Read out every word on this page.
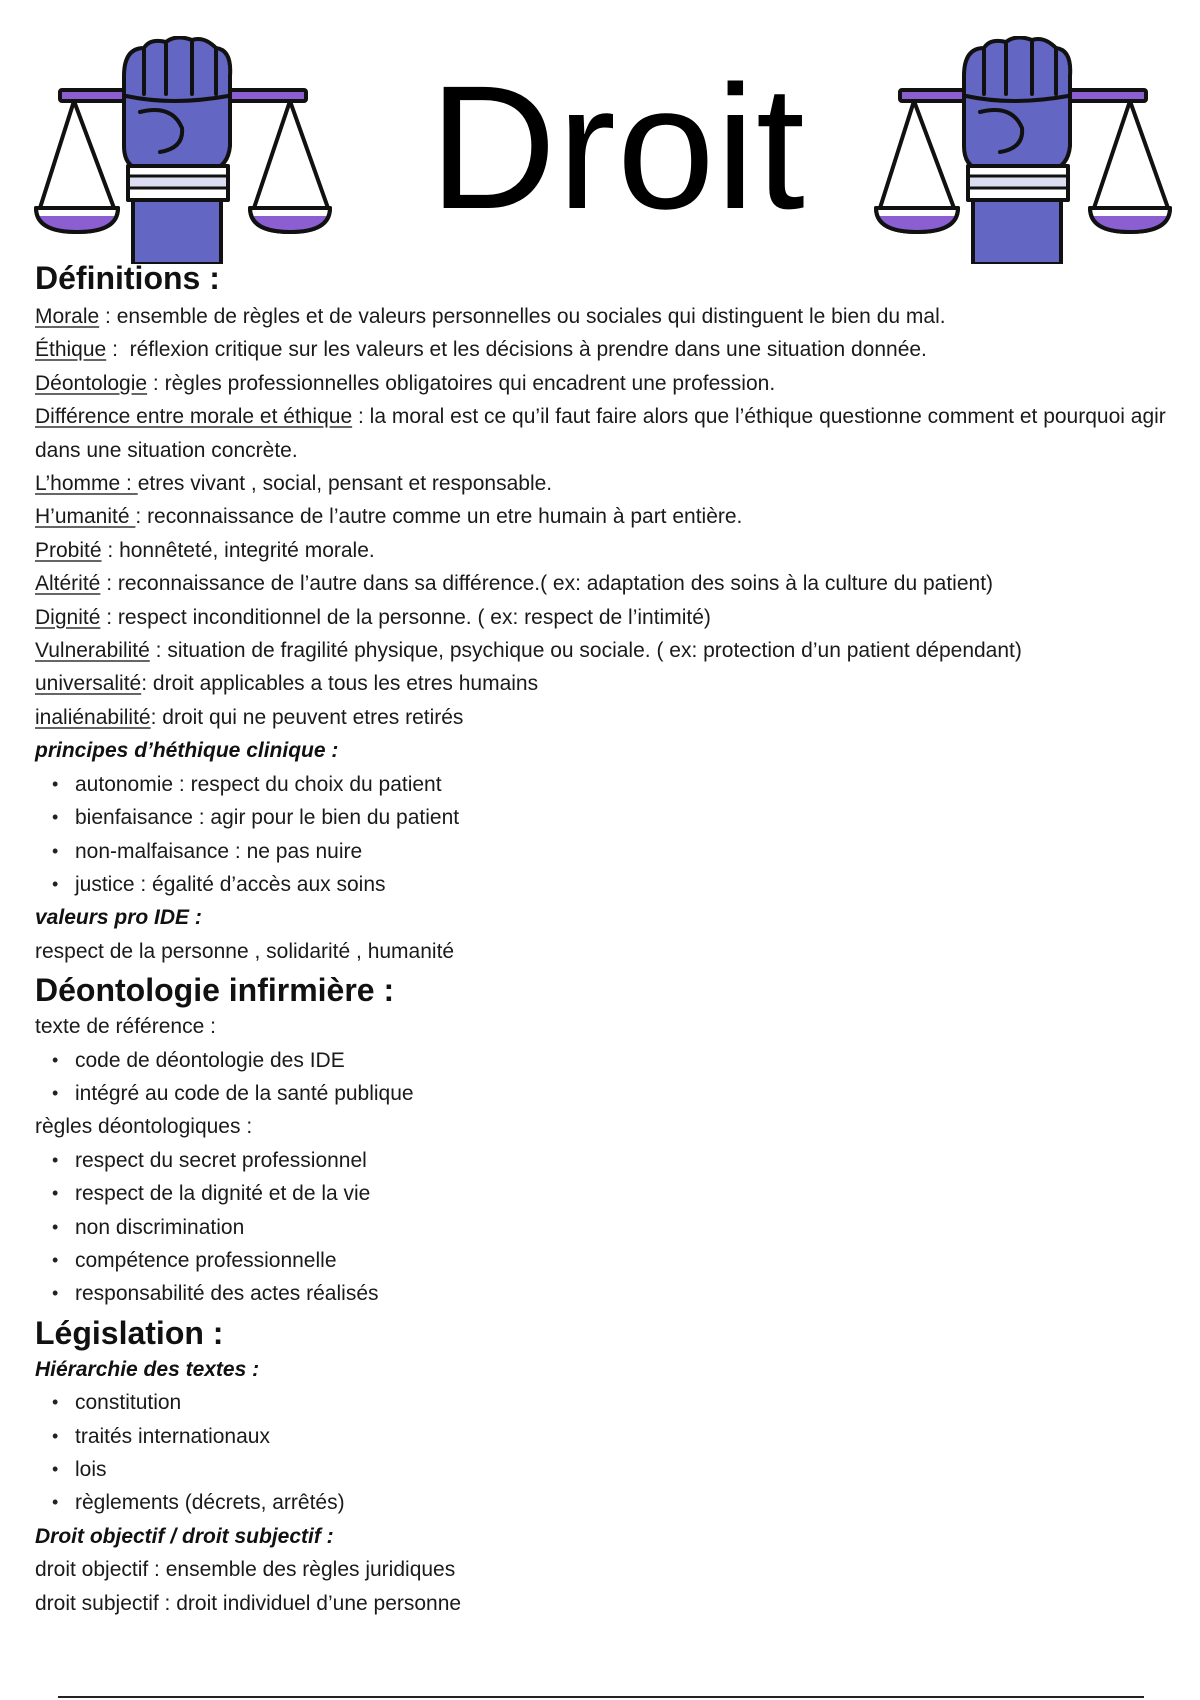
Droit
Définitions :

Morale : ensemble de règles et de valeurs personnelles ou sociales qui distinguent le bien du mal.

Éthique :  réflexion critique sur les valeurs et les décisions à prendre dans une situation donnée.

Déontologie : règles professionnelles obligatoires qui encadrent une profession.

Différence entre morale et éthique : la moral est ce qu’il faut faire alors que l’éthique questionne comment et pourquoi agir dans une situation concrète.

L’homme : etres vivant , social, pensant et responsable.

H’umanité : reconnaissance de l’autre comme un etre humain à part entière.

Probité : honnêteté, integrité morale.

Altérité : reconnaissance de l’autre dans sa différence.( ex: adaptation des soins à la culture du patient)

Dignité : respect inconditionnel de la personne. ( ex: respect de l’intimité)

Vulnerabilité : situation de fragilité physique, psychique ou sociale. ( ex: protection d’un patient dépendant)

universalité: droit applicables a tous les etres humains

inaliénabilité: droit qui ne peuvent etres retirés

principes d’héthique clinique :

• autonomie : respect du choix du patient
• bienfaisance : agir pour le bien du patient
• non-malfaisance : ne pas nuire
• justice : égalité d’accès aux soins

valeurs pro IDE :

respect de la personne , solidarité , humanité

Déontologie infirmière :

texte de référence :

• code de déontologie des IDE
• intégré au code de la santé publique

règles déontologiques :

• respect du secret professionnel
• respect de la dignité et de la vie
• non discrimination
• compétence professionnelle
• responsabilité des actes réalisés
Législation :

Hiérarchie des textes :

• constitution
• traités internationaux
• lois
• règlements (décrets, arrêtés)

Droit objectif / droit subjectif :

droit objectif : ensemble des règles juridiques

droit subjectif : droit individuel d’une personne
